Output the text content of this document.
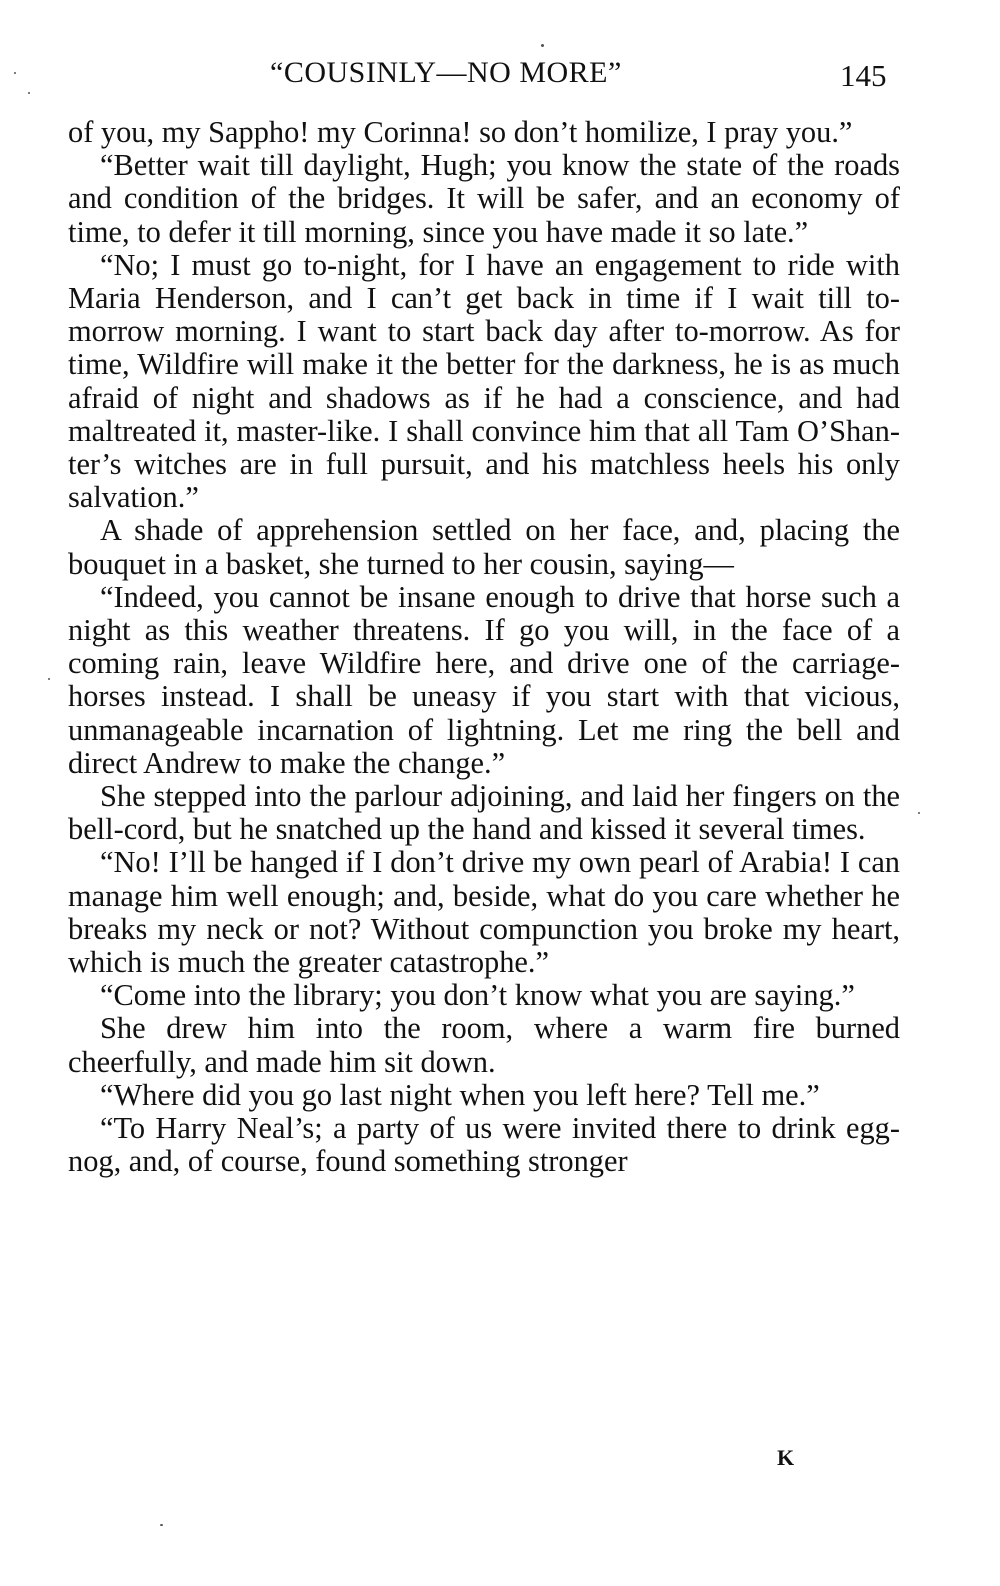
“COUSINLY—NO MORE”	145

of you, my Sappho! my Corinna! so don’t homilize, I pray you.”

“Better wait till daylight, Hugh; you know the state of the roads and condition of the bridges. It will be safer, and an economy of time, to defer it till morning, since you have made it so late.”

“No; I must go to-night, for I have an engagement to ride with Maria Henderson, and I can’t get back in time if I wait till to-morrow morning. I want to start back day after to-morrow. As for time, Wildfire will make it the better for the darkness, he is as much afraid of night and shadows as if he had a conscience, and had maltreated it, master-like. I shall convince him that all Tam O’Shanter’s witches are in full pursuit, and his matchless heels his only salvation.”

A shade of apprehension settled on her face, and, placing the bouquet in a basket, she turned to her cousin, saying—

“Indeed, you cannot be insane enough to drive that horse such a night as this weather threatens. If go you will, in the face of a coming rain, leave Wildfire here, and drive one of the carriage-horses instead. I shall be uneasy if you start with that vicious, unmanageable incarnation of lightning. Let me ring the bell and direct Andrew to make the change.”

She stepped into the parlour adjoining, and laid her fingers on the bell-cord, but he snatched up the hand and kissed it several times.

“No! I’ll be hanged if I don’t drive my own pearl of Arabia! I can manage him well enough; and, beside, what do you care whether he breaks my neck or not? Without compunction you broke my heart, which is much the greater catastrophe.”

“Come into the library; you don’t know what you are saying.”

She drew him into the room, where a warm fire burned cheerfully, and made him sit down.

“Where did you go last night when you left here? Tell me.”

“To Harry Neal’s; a party of us were invited there to drink egg-nog, and, of course, found something stronger

K
